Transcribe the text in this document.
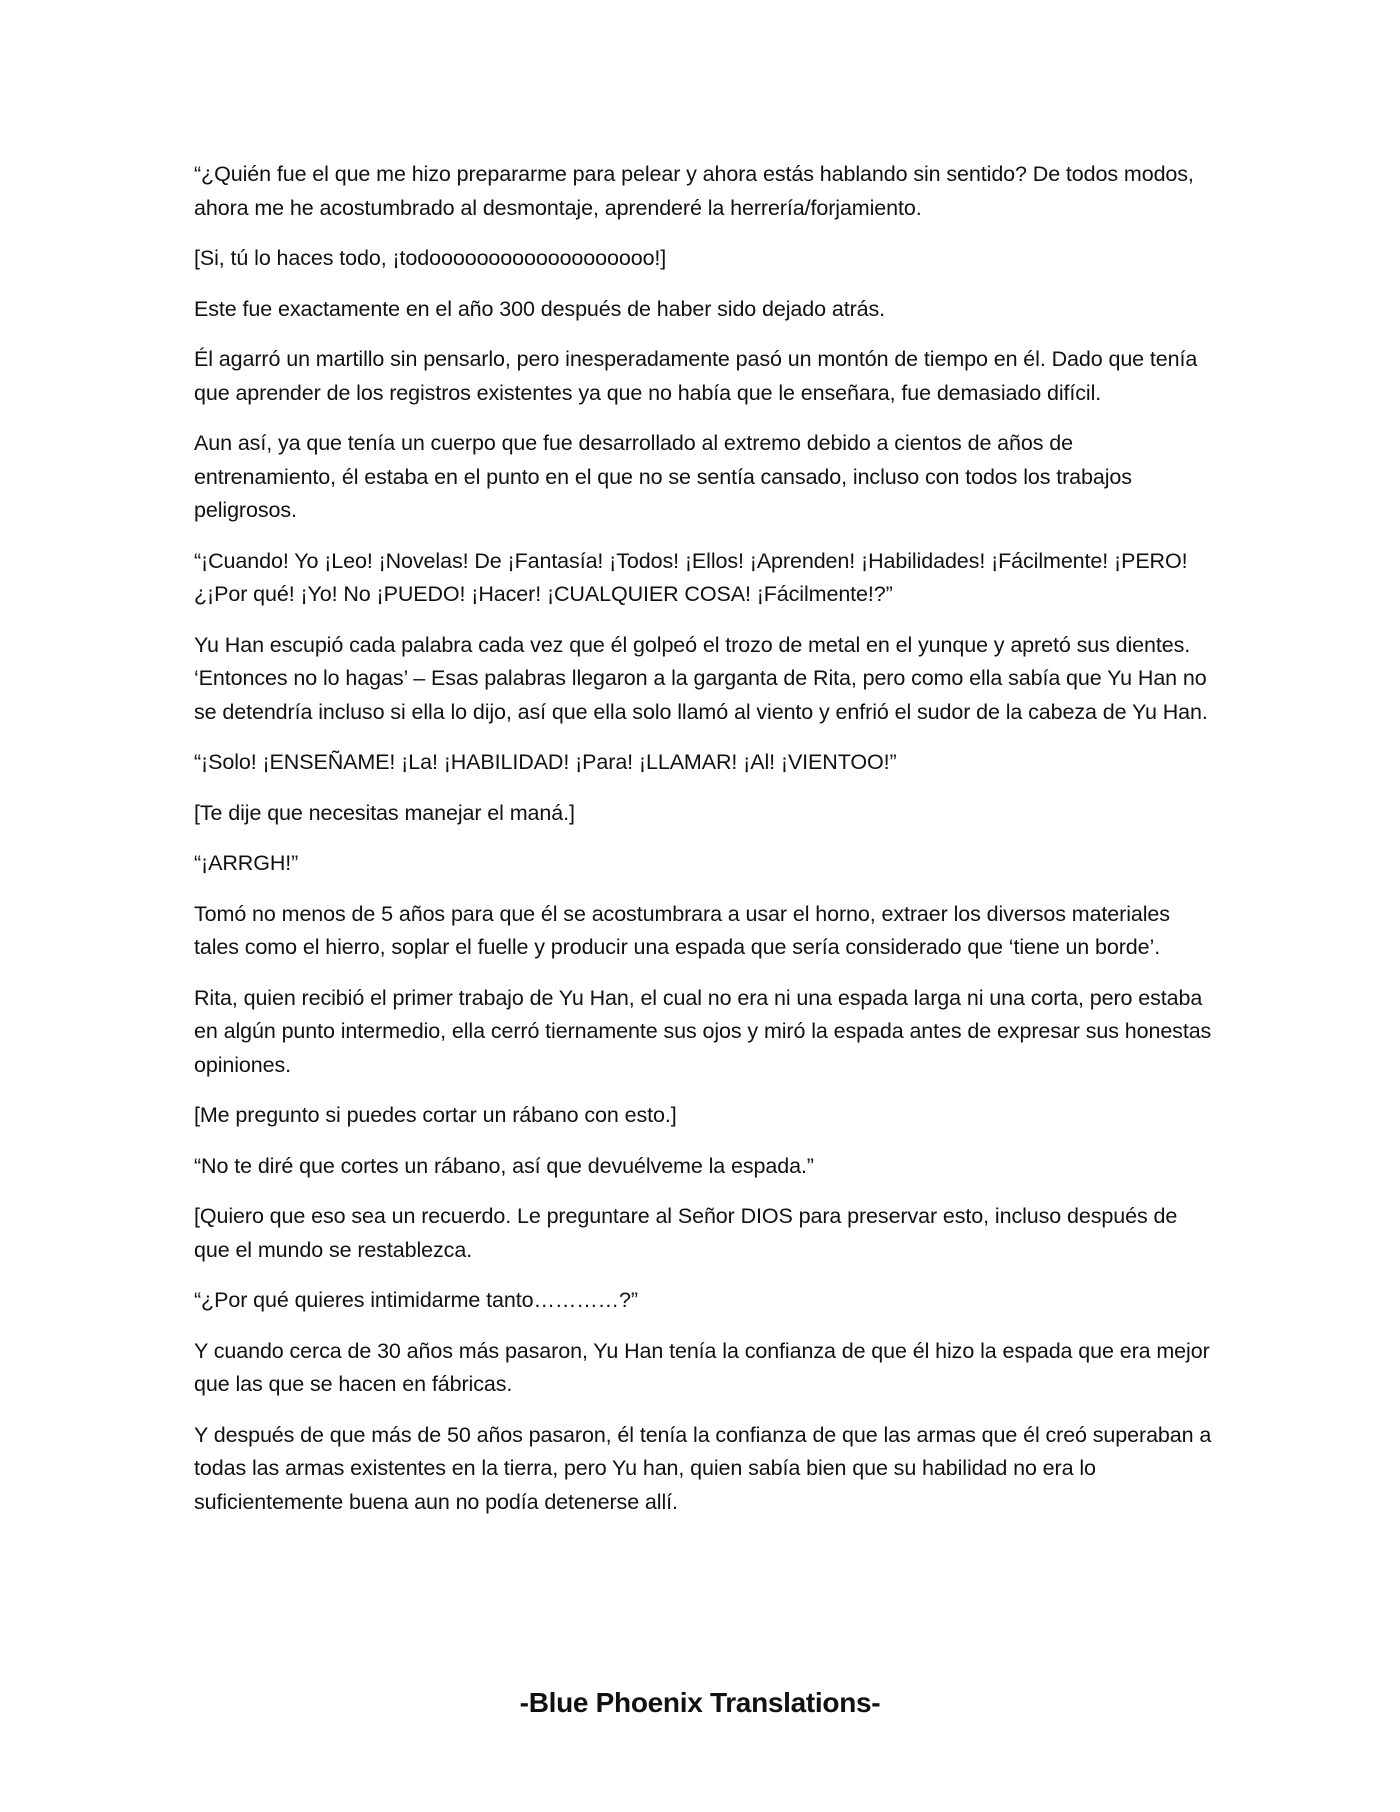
“¿Quién fue el que me hizo prepararme para pelear y ahora estás hablando sin sentido? De todos modos, ahora me he acostumbrado al desmontaje, aprenderé la herrería/forjamiento.

[Si, tú lo haces todo, ¡todooooooooooooooooooo!]

Este fue exactamente en el año 300 después de haber sido dejado atrás.

Él agarró un martillo sin pensarlo, pero inesperadamente pasó un montón de tiempo en él. Dado que tenía que aprender de los registros existentes ya que no había que le enseñara, fue demasiado difícil.

Aun así, ya que tenía un cuerpo que fue desarrollado al extremo debido a cientos de años de entrenamiento, él estaba en el punto en el que no se sentía cansado, incluso con todos los trabajos peligrosos.

“¡Cuando! Yo ¡Leo! ¡Novelas! De ¡Fantasía! ¡Todos! ¡Ellos! ¡Aprenden! ¡Habilidades! ¡Fácilmente! ¡PERO! ¿¡Por qué! ¡Yo! No ¡PUEDO! ¡Hacer! ¡CUALQUIER COSA! ¡Fácilmente!?”

Yu Han escupió cada palabra cada vez que él golpeó el trozo de metal en el yunque y apretó sus dientes. ‘Entonces no lo hagas’ – Esas palabras llegaron a la garganta de Rita, pero como ella sabía que Yu Han no se detendría incluso si ella lo dijo, así que ella solo llamó al viento y enfrió el sudor de la cabeza de Yu Han.

“¡Solo! ¡ENSEÑAME! ¡La! ¡HABILIDAD! ¡Para! ¡LLAMAR! ¡Al! ¡VIENTOO!”

[Te dije que necesitas manejar el maná.]

“¡ARRGH!”

Tomó no menos de 5 años para que él se acostumbrara a usar el horno, extraer los diversos materiales tales como el hierro, soplar el fuelle y producir una espada que sería considerado que ‘tiene un borde’.

Rita, quien recibió el primer trabajo de Yu Han, el cual no era ni una espada larga ni una corta, pero estaba en algún punto intermedio, ella cerró tiernamente sus ojos y miró la espada antes de expresar sus honestas opiniones.

[Me pregunto si puedes cortar un rábano con esto.]

“No te diré que cortes un rábano, así que devuélveme la espada.”

[Quiero que eso sea un recuerdo. Le preguntare al Señor DIOS para preservar esto, incluso después de que el mundo se restablezca.

“¿Por qué quieres intimidarme tanto…………?”

Y cuando cerca de 30 años más pasaron, Yu Han tenía la confianza de que él hizo la espada que era mejor que las que se hacen en fábricas.

Y después de que más de 50 años pasaron, él tenía la confianza de que las armas que él creó superaban a todas las armas existentes en la tierra, pero Yu han, quien sabía bien que su habilidad no era lo suficientemente buena aun no podía detenerse allí.

-Blue Phoenix Translations-
